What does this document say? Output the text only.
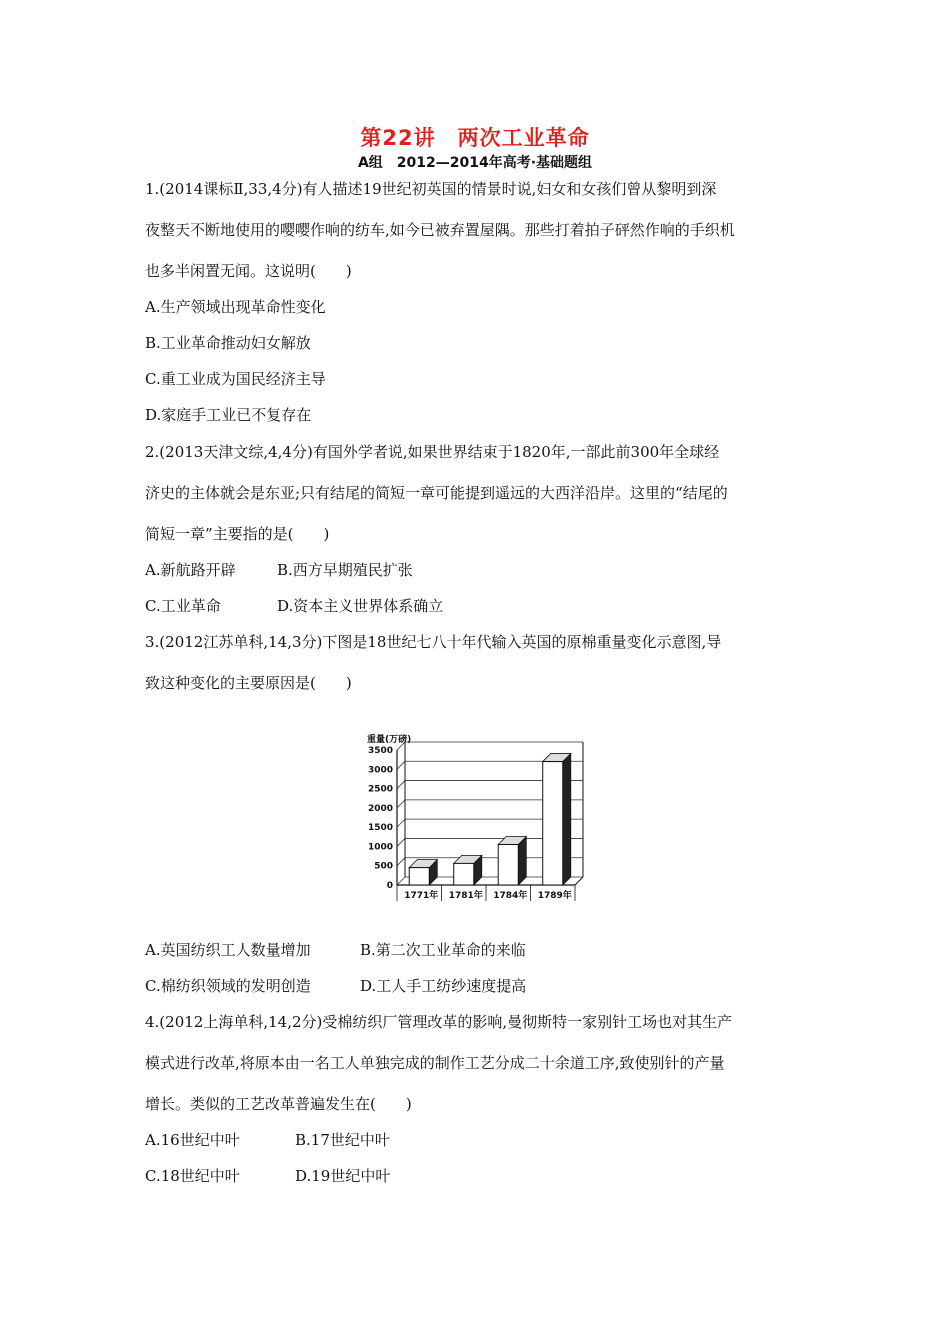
第22讲　两次工业革命
A组　2012—2014年高考·基础题组
1.(2014课标Ⅱ,33,4分)有人描述19世纪初英国的情景时说,妇女和女孩们曾从黎明到深
夜整天不断地使用的嘤嘤作响的纺车,如今已被弃置屋隅。那些打着拍子砰然作响的手织机
也多半闲置无闻。这说明(　　)
A.生产领域出现革命性变化
B.工业革命推动妇女解放
C.重工业成为国民经济主导
D.家庭手工业已不复存在
2.(2013天津文综,4,4分)有国外学者说,如果世界结束于1820年,一部此前300年全球经
济史的主体就会是东亚;只有结尾的简短一章可能提到遥远的大西洋沿岸。这里的“结尾的
简短一章”主要指的是(　　)
A.新航路开辟	B.西方早期殖民扩张
C.工业革命	D.资本主义世界体系确立
3.(2012江苏单科,14,3分)下图是18世纪七八十年代输入英国的原棉重量变化示意图,导
致这种变化的主要原因是(　　)
0
500
1000
1500
2000
2500
3000
3500
重量(万磅)
1771年 1781年 1784年 1789年
A.英国纺织工人数量增加	B.第二次工业革命的来临
C.棉纺织领域的发明创造	D.工人手工纺纱速度提高
4.(2012上海单科,14,2分)受棉纺织厂管理改革的影响,曼彻斯特一家别针工场也对其生产
模式进行改革,将原本由一名工人单独完成的制作工艺分成二十余道工序,致使别针的产量
增长。类似的工艺改革普遍发生在(　　)
A.16世纪中叶	B.17世纪中叶
C.18世纪中叶	D.19世纪中叶
